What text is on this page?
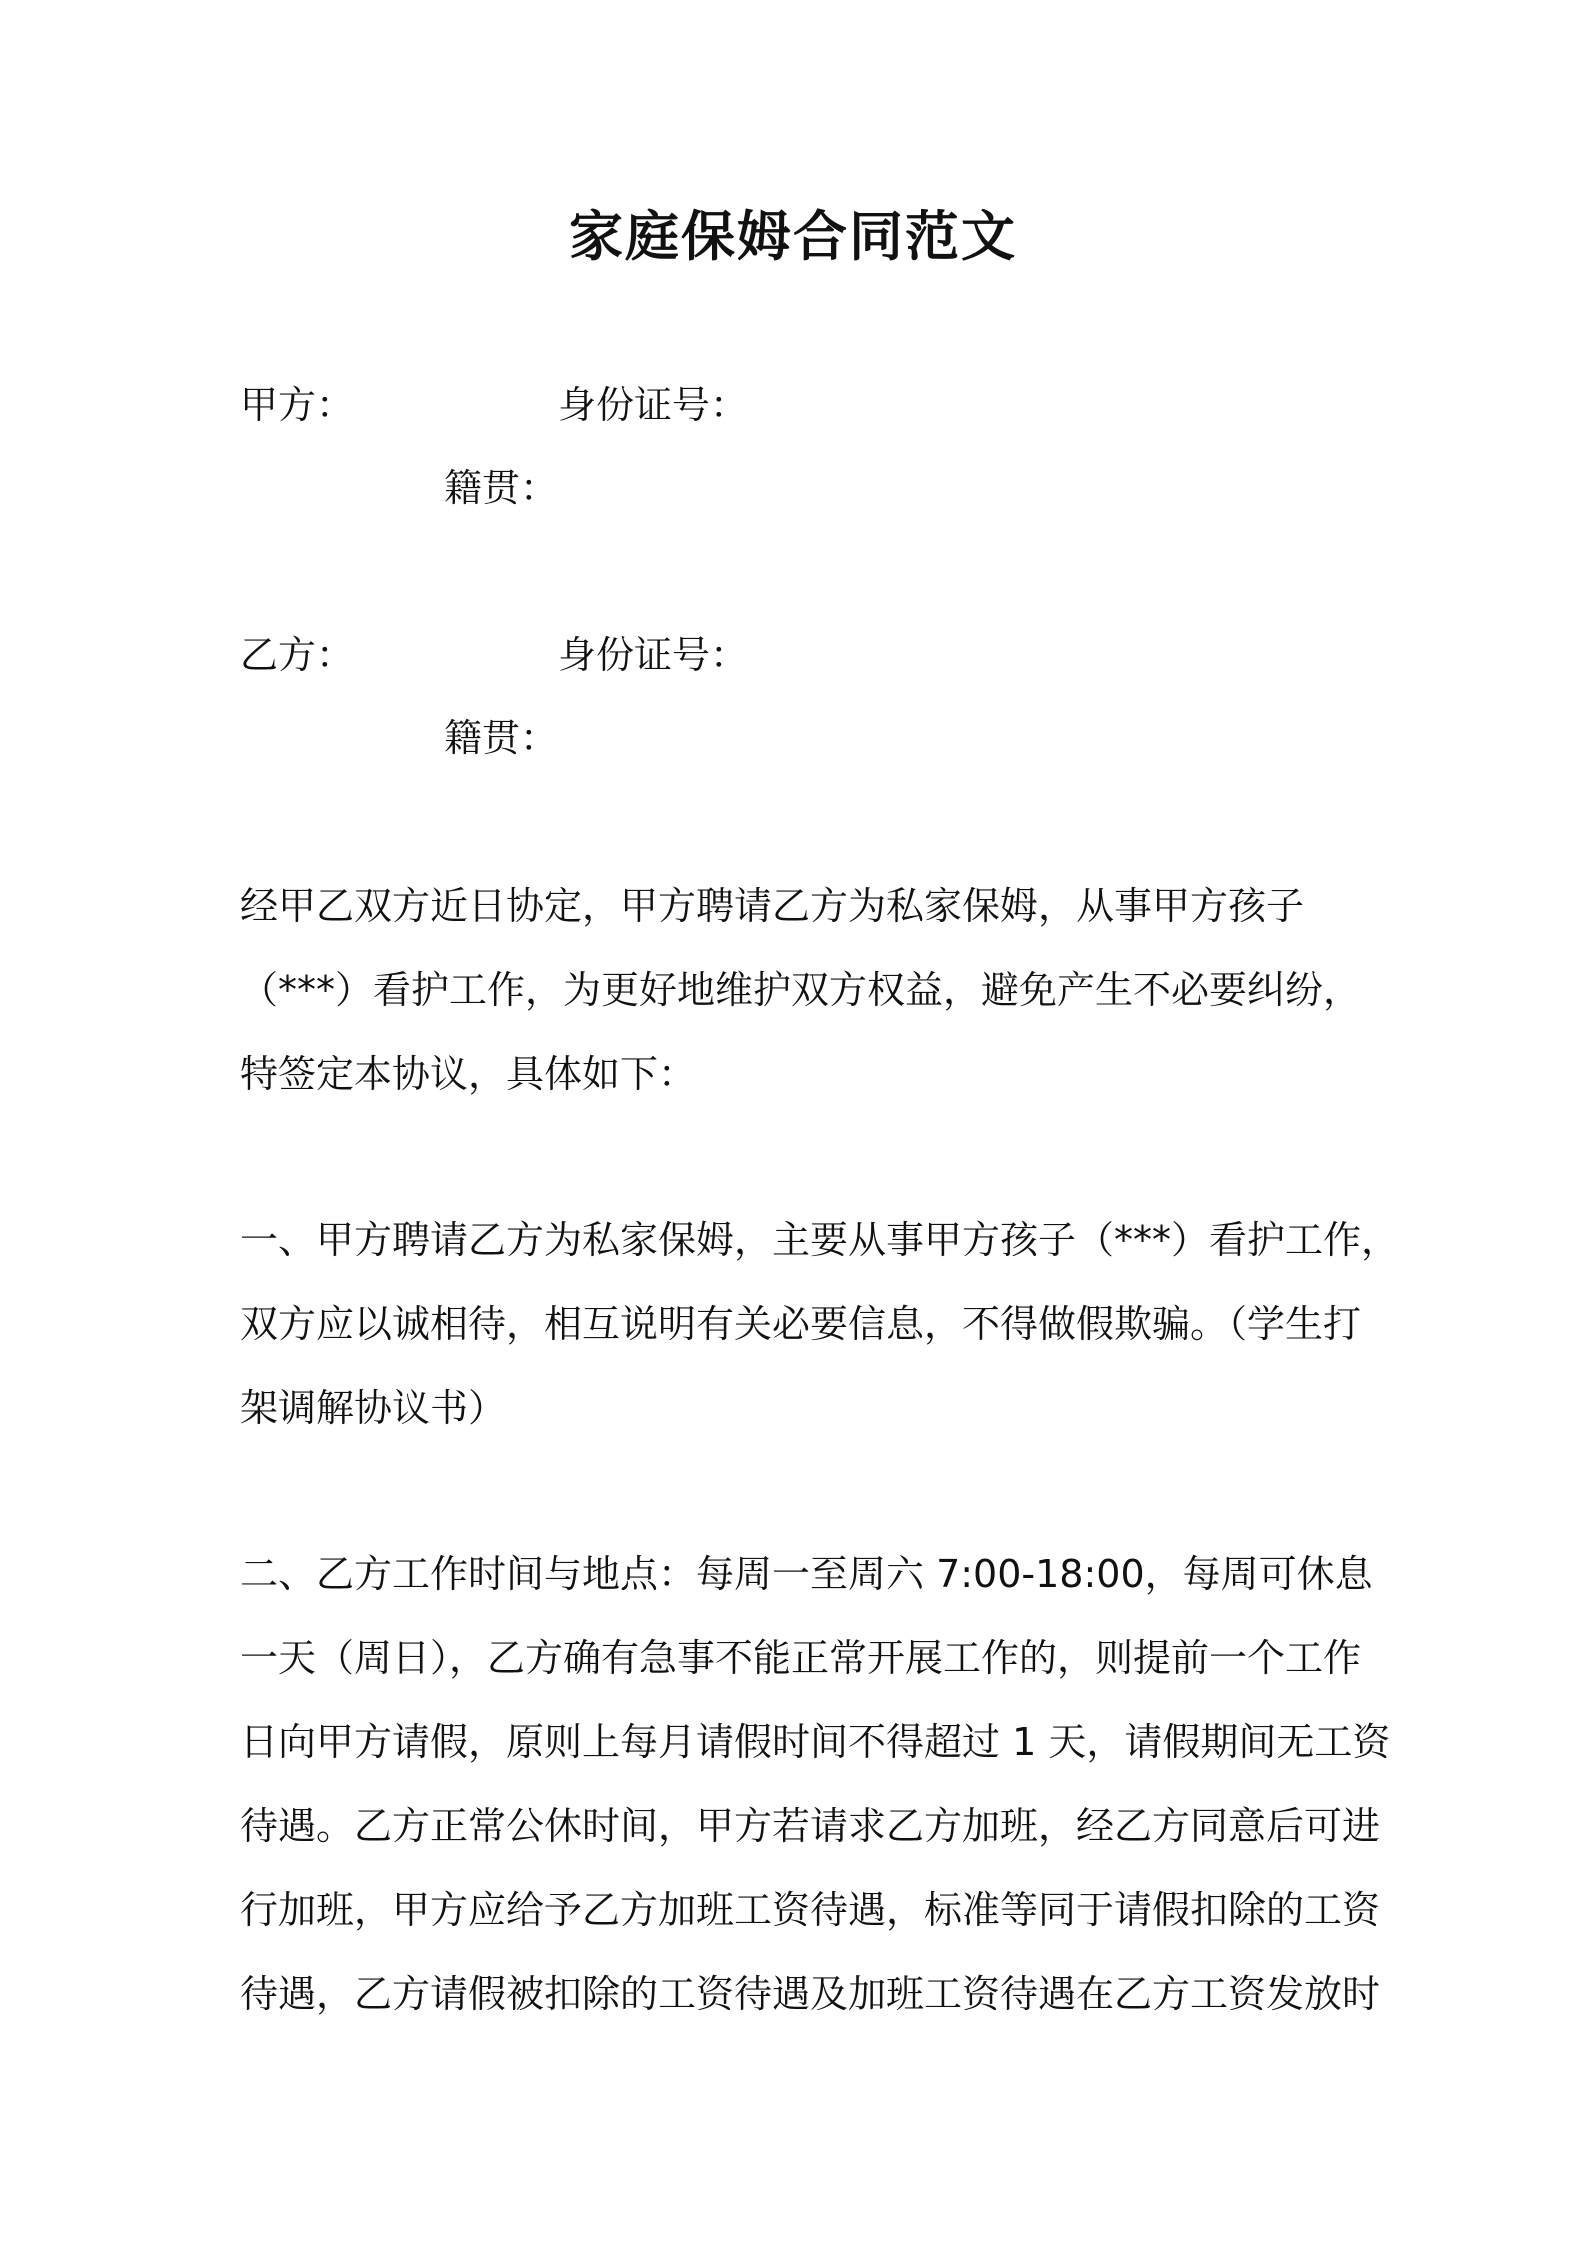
家庭保姆合同范文
甲方：	身份证号：
籍贯：
乙方：	身份证号：
籍贯：
经甲乙双方近日协定，甲方聘请乙方为私家保姆，从事甲方孩子
（***）看护工作，为更好地维护双方权益，避免产生不必要纠纷，
特签定本协议，具体如下：
一、甲方聘请乙方为私家保姆，主要从事甲方孩子（***）看护工作，
双方应以诚相待，相互说明有关必要信息，不得做假欺骗。（学生打
架调解协议书）
二、乙方工作时间与地点：每周一至周六 7:00-18:00，每周可休息
一天（周日），乙方确有急事不能正常开展工作的，则提前一个工作
日向甲方请假，原则上每月请假时间不得超过 1 天，请假期间无工资
待遇。乙方正常公休时间，甲方若请求乙方加班，经乙方同意后可进
行加班，甲方应给予乙方加班工资待遇，标准等同于请假扣除的工资
待遇，乙方请假被扣除的工资待遇及加班工资待遇在乙方工资发放时
